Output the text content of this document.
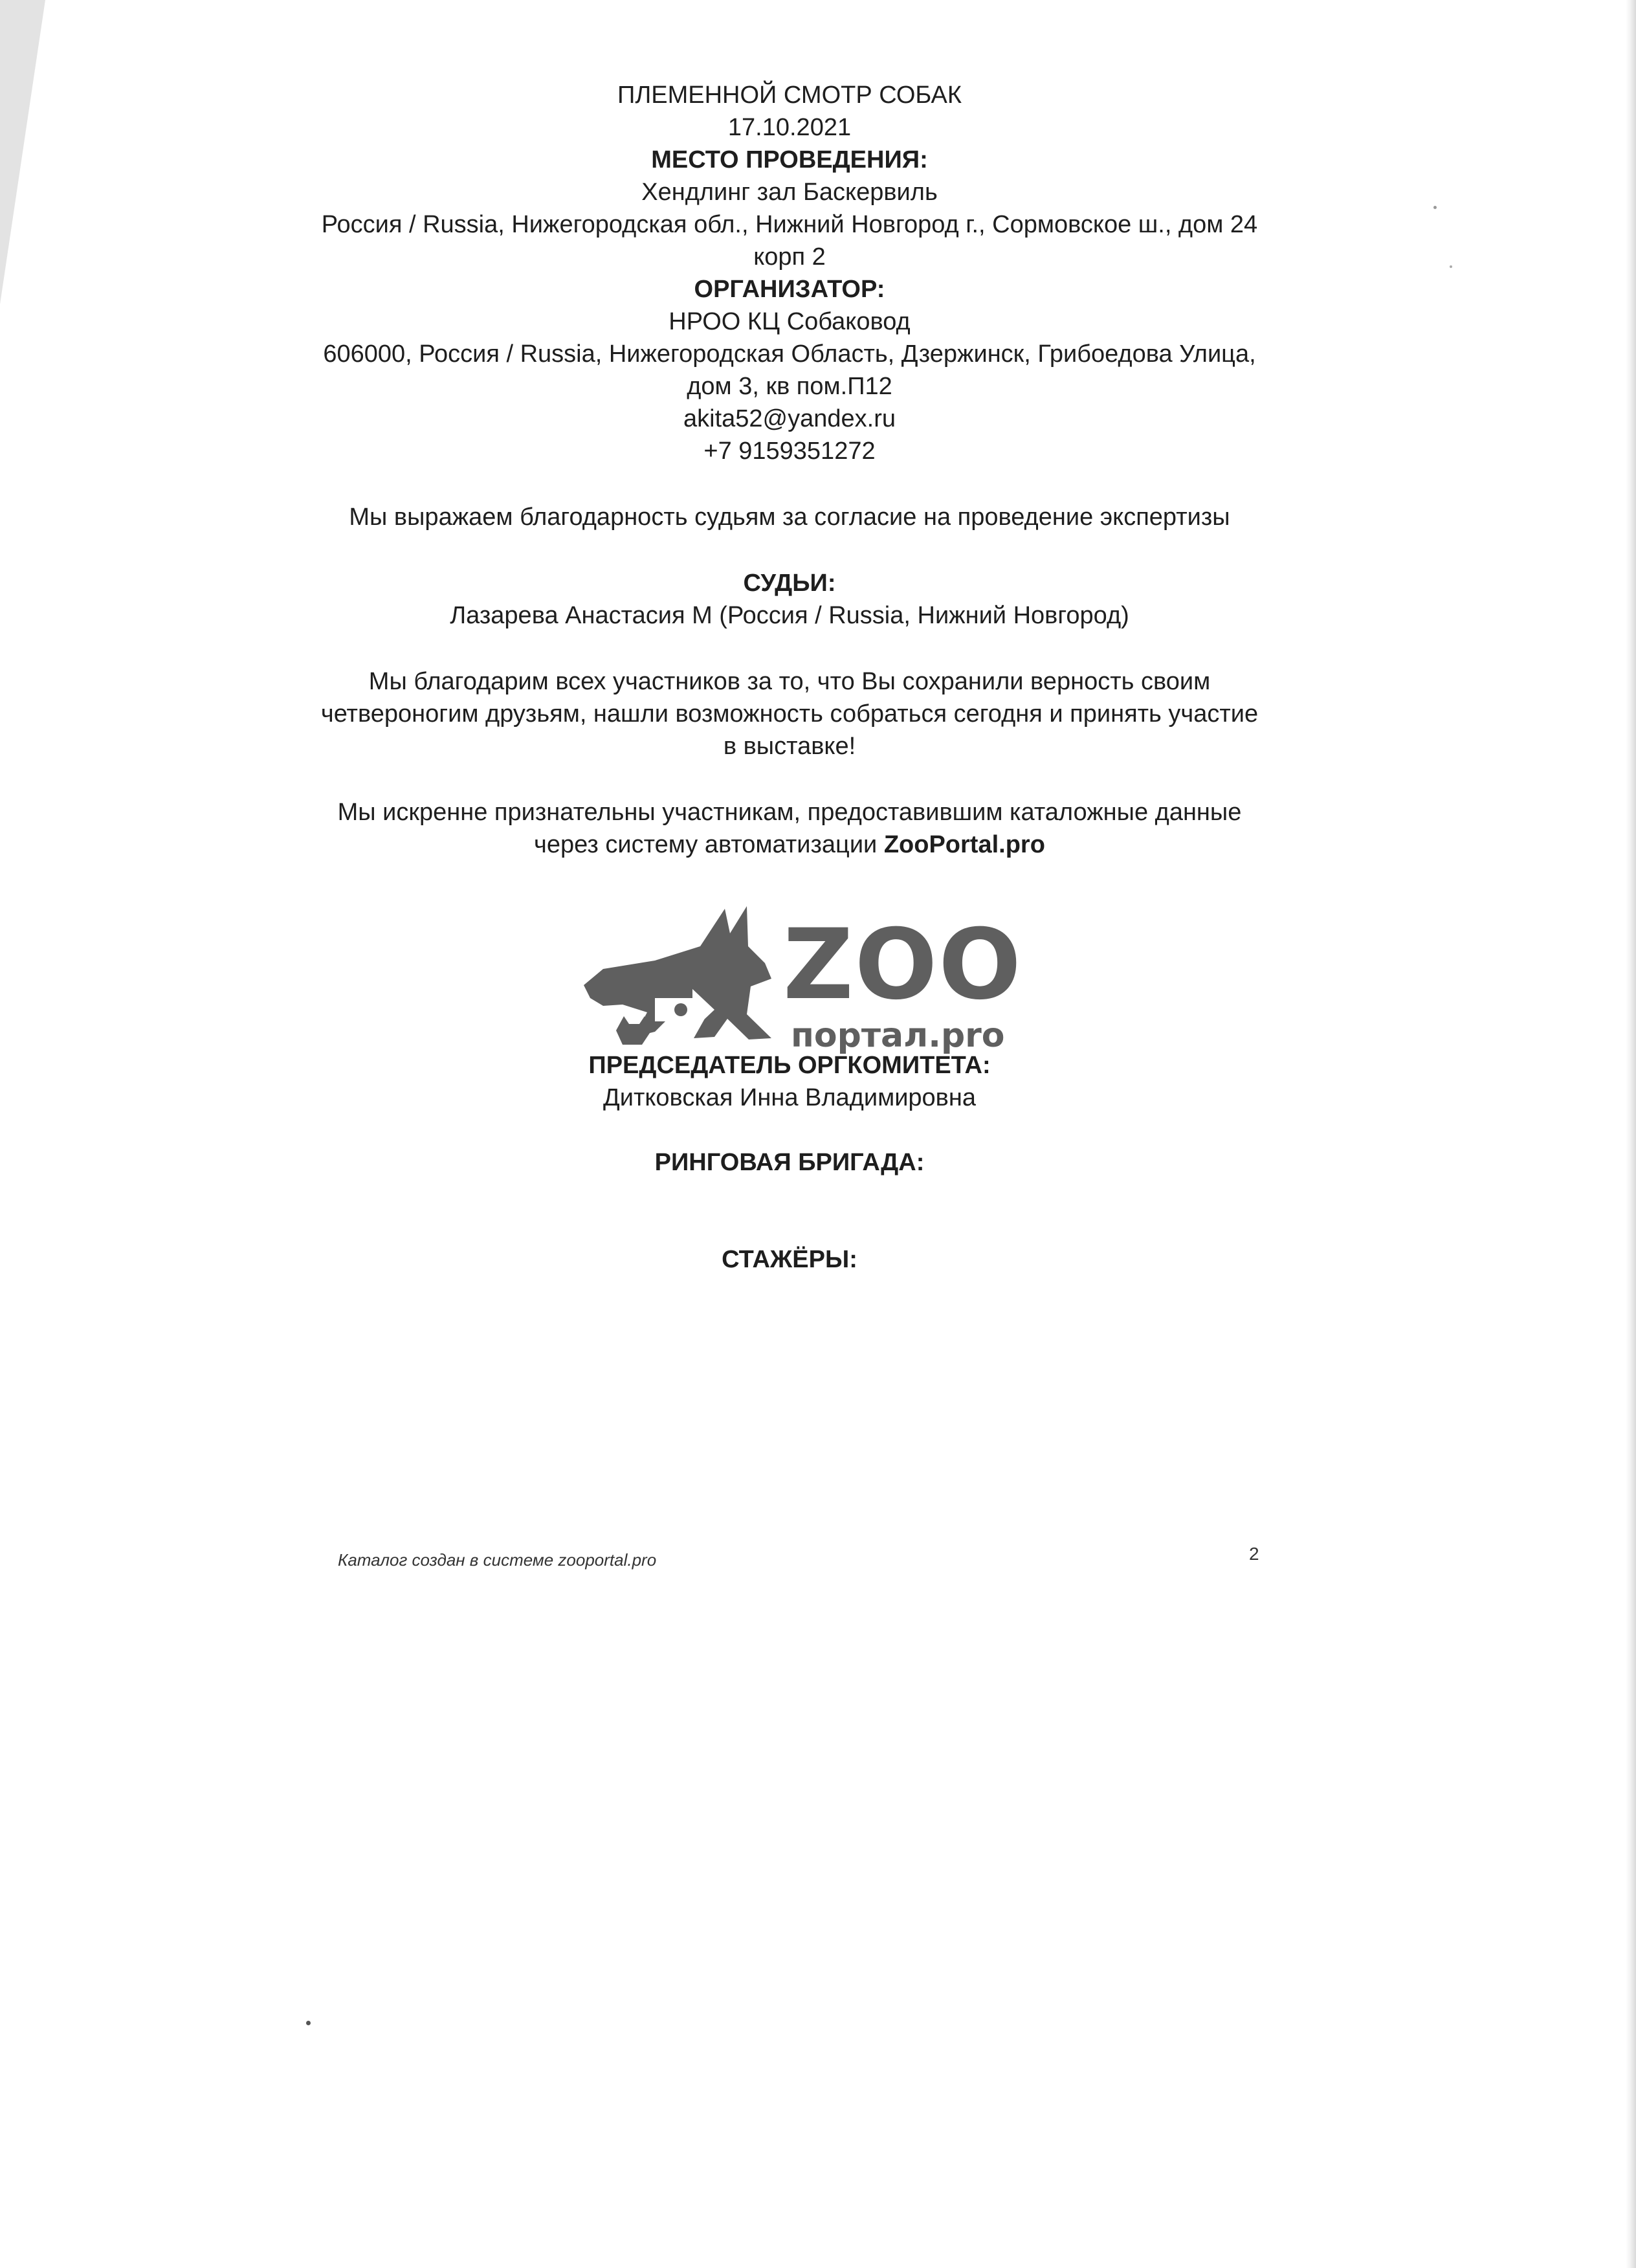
ПЛЕМЕННОЙ СМОТР СОБАК
17.10.2021
МЕСТО ПРОВЕДЕНИЯ:
Хендлинг зал Баскервиль
Россия / Russia, Нижегородская обл., Нижний Новгород г., Сормовское ш., дом 24
корп 2
ОРГАНИЗАТОР:
НРОО КЦ Собаковод
606000, Россия / Russia, Нижегородская Область, Дзержинск, Грибоедова Улица,
дом 3, кв пом.П12
akita52@yandex.ru
+7 9159351272
Мы выражаем благодарность судьям за согласие на проведение экспертизы
СУДЬИ:
Лазарева Анастасия М (Россия / Russia, Нижний Новгород)
Мы благодарим всех участников за то, что Вы сохранили верность своим
четвероногим друзьям, нашли возможность собраться сегодня и принять участие
в выставке!
Мы искренне признательны участникам, предоставившим каталожные данные
через систему автоматизации ZooPortal.pro
ПРЕДСЕДАТЕЛЬ ОРГКОМИТЕТА:
Дитковская Инна Владимировна
РИНГОВАЯ БРИГАДА:
СТАЖЁРЫ:
ZOO
портал.pro
Каталог создан в системе zooportal.pro	2
